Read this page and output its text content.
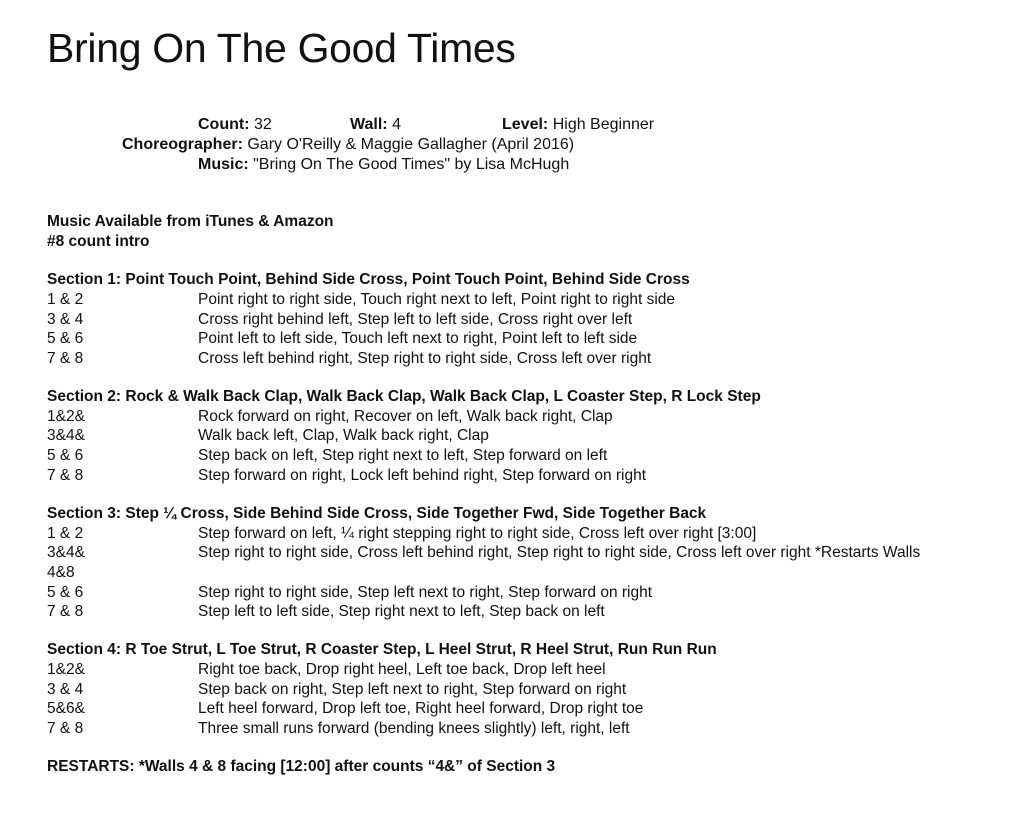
Bring On The Good Times
Count: 32	Wall: 4	Level: High Beginner
Choreographer: Gary O'Reilly & Maggie Gallagher (April 2016)
Music: "Bring On The Good Times" by Lisa McHugh
Music Available from iTunes & Amazon
#8 count intro
Section 1: Point Touch Point, Behind Side Cross, Point Touch Point, Behind Side Cross
1 & 2	Point right to right side, Touch right next to left, Point right to right side
3 & 4	Cross right behind left, Step left to left side, Cross right over left
5 & 6	Point left to left side, Touch left next to right, Point left to left side
7 & 8	Cross left behind right, Step right to right side, Cross left over right
Section 2: Rock & Walk Back Clap, Walk Back Clap, Walk Back Clap, L Coaster Step, R Lock Step
1&2&	Rock forward on right, Recover on left, Walk back right, Clap
3&4&	Walk back left, Clap, Walk back right, Clap
5 & 6	Step back on left, Step right next to left, Step forward on left
7 & 8	Step forward on right, Lock left behind right, Step forward on right
Section 3: Step ¼ Cross, Side Behind Side Cross, Side Together Fwd, Side Together Back
1 & 2	Step forward on left, ¼ right stepping right to right side, Cross left over right [3:00]
3&4&	Step right to right side, Cross left behind right, Step right to right side, Cross left over right *Restarts Walls
4&8
5 & 6	Step right to right side, Step left next to right, Step forward on right
7 & 8	Step left to left side, Step right next to left, Step back on left
Section 4: R Toe Strut, L Toe Strut, R Coaster Step, L Heel Strut, R Heel Strut, Run Run Run
1&2&	Right toe back, Drop right heel, Left toe back, Drop left heel
3 & 4	Step back on right, Step left next to right, Step forward on right
5&6&	Left heel forward, Drop left toe, Right heel forward, Drop right toe
7 & 8	Three small runs forward (bending knees slightly) left, right, left
RESTARTS: *Walls 4 & 8 facing [12:00] after counts “4&” of Section 3
